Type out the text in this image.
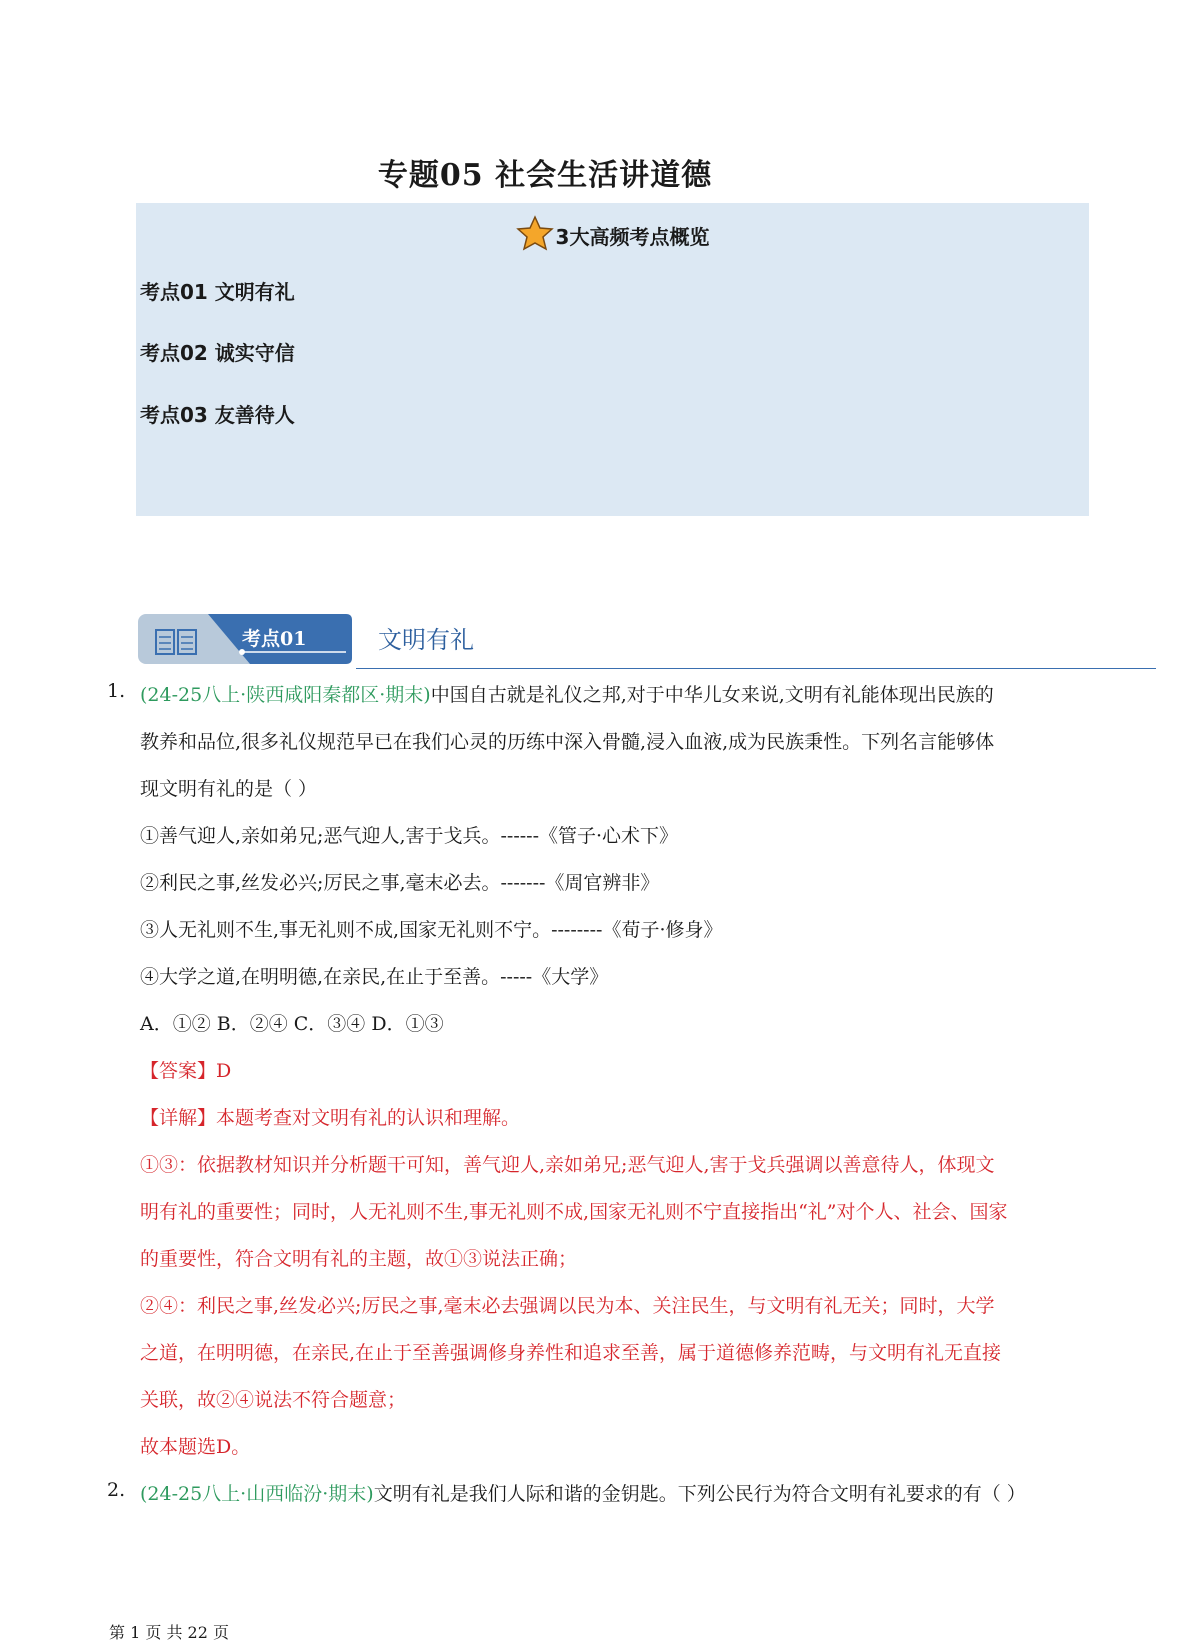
专题05 社会生活讲道德
3大高频考点概览
考点01 文明有礼
考点02 诚实守信
考点03 友善待人
考点01	文明有礼
1. (24-25八上·陕西咸阳秦都区·期末)中国自古就是礼仪之邦,对于中华儿女来说,文明有礼能体现出民族的
教养和品位,很多礼仪规范早已在我们心灵的历练中深入骨髓,浸入血液,成为民族秉性。下列名言能够体
现文明有礼的是（ ）
①善气迎人,亲如弟兄;恶气迎人,害于戈兵。------《管子·心术下》
②利民之事,丝发必兴;厉民之事,毫末必去。-------《周官辨非》
③人无礼则不生,事无礼则不成,国家无礼则不宁。--------《荀子·修身》
④大学之道,在明明德,在亲民,在止于至善。-----《大学》
A．①② B．②④ C．③④ D．①③
【答案】D
【详解】本题考查对文明有礼的认识和理解。
①③：依据教材知识并分析题干可知，善气迎人,亲如弟兄;恶气迎人,害于戈兵强调以善意待人，体现文
明有礼的重要性；同时，人无礼则不生,事无礼则不成,国家无礼则不宁直接指出“礼”对个人、社会、国家
的重要性，符合文明有礼的主题，故①③说法正确；
②④：利民之事,丝发必兴;厉民之事,毫末必去强调以民为本、关注民生，与文明有礼无关；同时，大学
之道，在明明德，在亲民,在止于至善强调修身养性和追求至善，属于道德修养范畴，与文明有礼无直接
关联，故②④说法不符合题意；
故本题选D。
2. (24-25八上·山西临汾·期末)文明有礼是我们人际和谐的金钥匙。下列公民行为符合文明有礼要求的有（ ）
第 1 页 共 22 页
